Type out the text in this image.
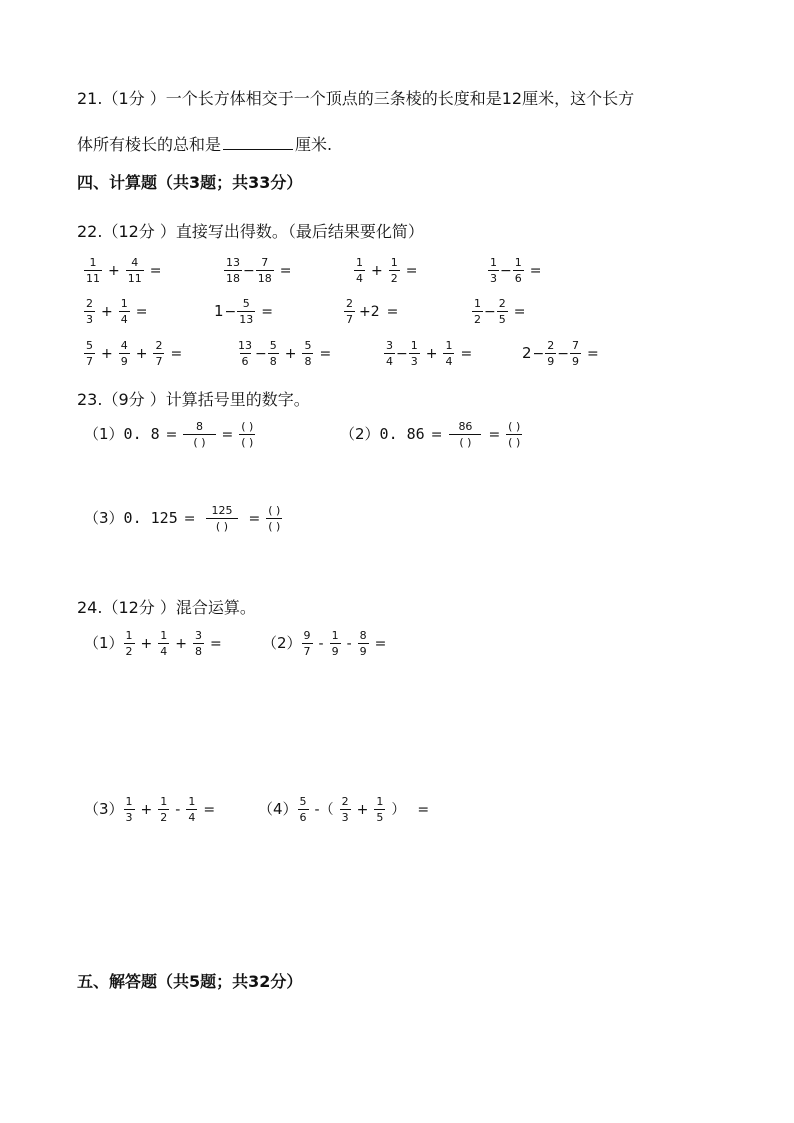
21.（1分 ）一个长方体相交于一个顶点的三条棱的长度和是12厘米，这个长方
体所有棱长的总和是	厘米.
四、计算题（共3题；共33分）
22.（12分 ）直接写出得数。（最后结果要化简）
$\frac{1}{11} + \frac{4}{11}$ =	$\frac{13}{18} - \frac{7}{18}$ =	$\frac{1}{4} + \frac{1}{2}$ =	$\frac{1}{3} - \frac{1}{6}$ =
$\frac{2}{3} + \frac{1}{4}$ =	$1 - \frac{5}{13}$ =	$\frac{2}{7} +2$ =	$\frac{1}{2} - \frac{2}{5}$ =
$\frac{5}{7} + \frac{4}{9} + \frac{2}{7}$ =	$\frac{13}{6} - \frac{5}{8} + \frac{5}{8}$ =	$\frac{3}{4} - \frac{1}{3} + \frac{1}{4}$ =	$2 - \frac{2}{9} - \frac{7}{9}$ =
23.（9分 ）计算括号里的数字。
（1） 0. $8 = \frac{8}{( )} = \frac{( )}{( )}$	（2） 0. $86 = \frac{86}{( )} = \frac{( )}{( )}$
（3） 0. $125 = \frac{125}{( )} = \frac{( )}{( )}$
24.（12分 ）混合运算。
$(1) \frac{1}{2} + \frac{1}{4} + \frac{3}{8}$ =	$(2) \frac{9}{7} - \frac{1}{9} - \frac{8}{9}$ =
$(3) \frac{1}{3} + \frac{1}{2} - \frac{1}{4}$ =	$(4) \frac{5}{6}$ -（ $\frac{2}{3} + \frac{1}{5}$ ） =
五、解答题（共5题；共32分）
